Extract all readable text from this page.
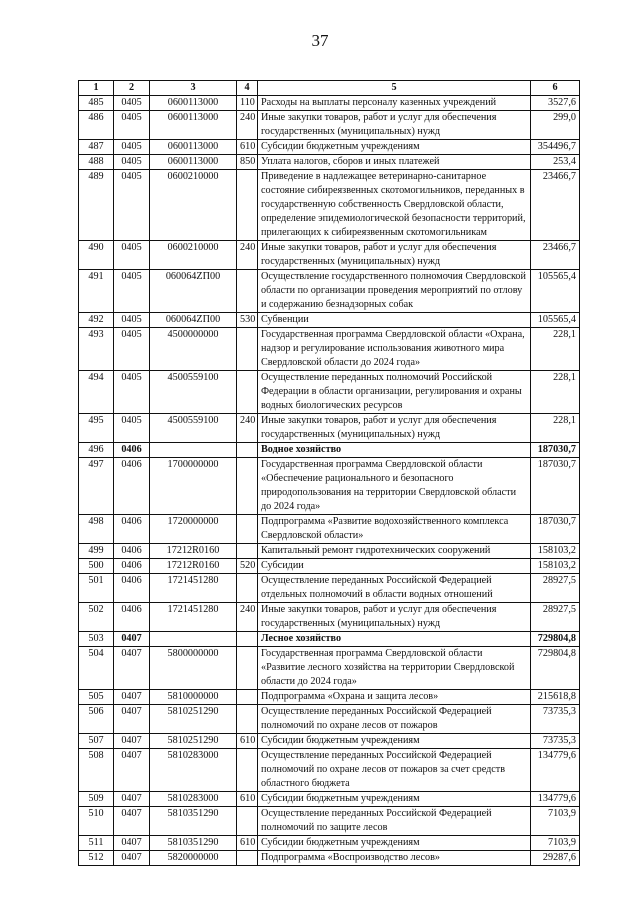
37
1	2	3	4	5	6
485	0405	0600113000	110	Расходы на выплаты персоналу казенных учреждений	3527,6
486	0405	0600113000	240	Иные закупки товаров, работ и услуг для обеспечения государственных (муниципальных) нужд	299,0
487	0405	0600113000	610	Субсидии бюджетным учреждениям	354496,7
488	0405	0600113000	850	Уплата налогов, сборов и иных платежей	253,4
489	0405	0600210000		Приведение в надлежащее ветеринарно-санитарное состояние сибиреязвенных скотомогильников, переданных в государственную собственность Свердловской области, определение эпидемиологической безопасности территорий, прилегающих к сибиреязвенным скотомогильникам	23466,7
490	0405	0600210000	240	Иные закупки товаров, работ и услуг для обеспечения государственных (муниципальных) нужд	23466,7
491	0405	060064ZП00		Осуществление государственного полномочия Свердловской области по организации проведения мероприятий по отлову и содержанию безнадзорных собак	105565,4
492	0405	060064ZП00	530	Субвенции	105565,4
493	0405	4500000000		Государственная программа Свердловской области «Охрана, надзор и регулирование использования животного мира Свердловской области до 2024 года»	228,1
494	0405	4500559100		Осуществление переданных полномочий Российской Федерации в области организации, регулирования и охраны водных биологических ресурсов	228,1
495	0405	4500559100	240	Иные закупки товаров, работ и услуг для обеспечения государственных (муниципальных) нужд	228,1
496	0406			Водное хозяйство	187030,7
497	0406	1700000000		Государственная программа Свердловской области «Обеспечение рационального и безопасного природопользования на территории Свердловской области до 2024 года»	187030,7
498	0406	1720000000		Подпрограмма «Развитие водохозяйственного комплекса Свердловской области»	187030,7
499	0406	17212R0160		Капитальный ремонт гидротехнических сооружений	158103,2
500	0406	17212R0160	520	Субсидии	158103,2
501	0406	1721451280		Осуществление переданных Российской Федерацией отдельных полномочий в области водных отношений	28927,5
502	0406	1721451280	240	Иные закупки товаров, работ и услуг для обеспечения государственных (муниципальных) нужд	28927,5
503	0407			Лесное хозяйство	729804,8
504	0407	5800000000		Государственная программа Свердловской области «Развитие лесного хозяйства на территории Свердловской области до 2024 года»	729804,8
505	0407	5810000000		Подпрограмма «Охрана и защита лесов»	215618,8
506	0407	5810251290		Осуществление переданных Российской Федерацией полномочий по охране лесов от пожаров	73735,3
507	0407	5810251290	610	Субсидии бюджетным учреждениям	73735,3
508	0407	5810283000		Осуществление переданных Российской Федерацией полномочий по охране лесов от пожаров за счет средств областного бюджета	134779,6
509	0407	5810283000	610	Субсидии бюджетным учреждениям	134779,6
510	0407	5810351290		Осуществление переданных Российской Федерацией полномочий по защите лесов	7103,9
511	0407	5810351290	610	Субсидии бюджетным учреждениям	7103,9
512	0407	5820000000		Подпрограмма «Воспроизводство лесов»	29287,6
